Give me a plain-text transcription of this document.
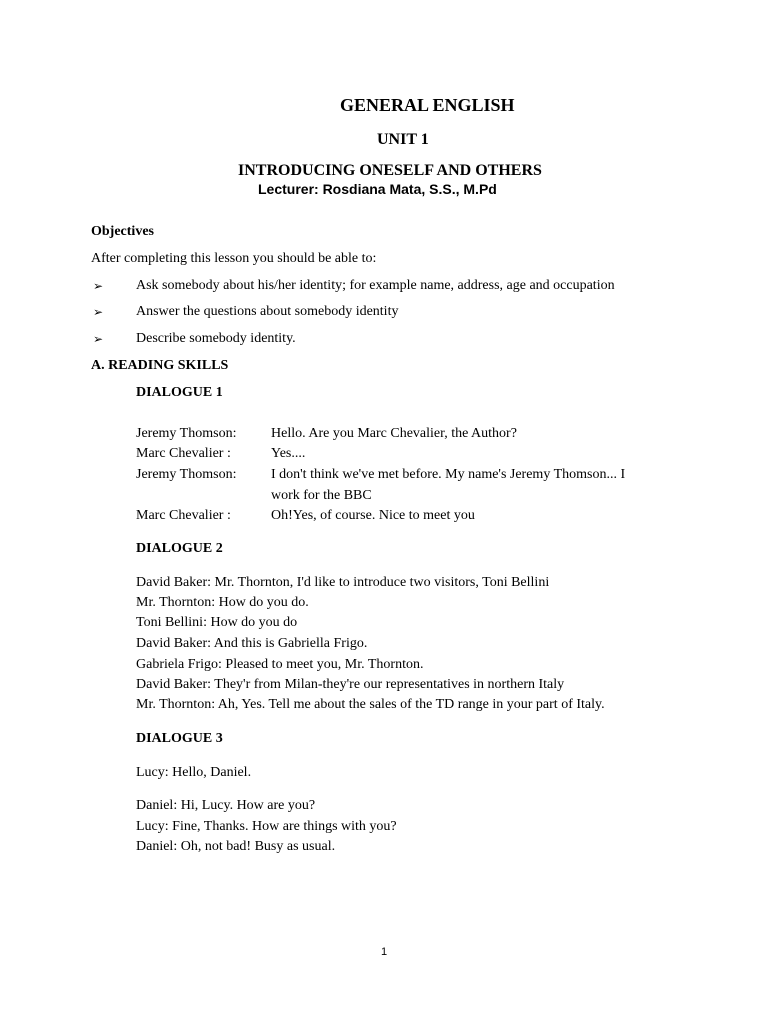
GENERAL ENGLISH
UNIT 1
INTRODUCING ONESELF AND OTHERS
Lecturer: Rosdiana Mata, S.S., M.Pd
Objectives
After completing this lesson you should be able to:
➢ Ask somebody about his/her identity; for example name, address, age and occupation
➢ Answer the questions about somebody identity
➢ Describe somebody identity.
A. READING SKILLS
DIALOGUE 1
Jeremy Thomson: Hello. Are you Marc Chevalier, the Author?
Marc Chevalier :	Yes....
Jeremy Thomson: I don't think we've met before. My name's Jeremy Thomson... I
work for the BBC
Marc Chevalier :	Oh!Yes, of course. Nice to meet you
DIALOGUE 2
David Baker: Mr. Thornton, I'd like to introduce two visitors, Toni Bellini
Mr. Thornton: How do you do.
Toni Bellini: How do you do
David Baker: And this is Gabriella Frigo.
Gabriela Frigo: Pleased to meet you, Mr. Thornton.
David Baker: They'r from Milan-they're our representatives in northern Italy
Mr. Thornton: Ah, Yes. Tell me about the sales of the TD range in your part of Italy.
DIALOGUE 3
Lucy: Hello, Daniel.
Daniel: Hi, Lucy. How are you?
Lucy: Fine, Thanks. How are things with you?
Daniel: Oh, not bad! Busy as usual.
1
